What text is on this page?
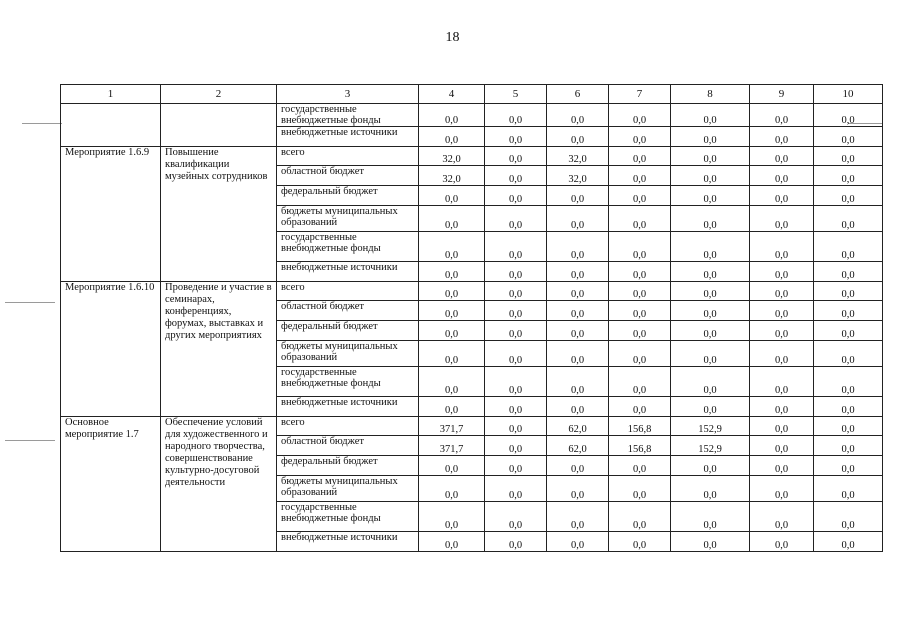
18
1	2	3	4	5	6	7	8	9	10
		государственные внебюджетные фонды	0,0	0,0	0,0	0,0	0,0	0,0	0,0
		внебюджетные источники	0,0	0,0	0,0	0,0	0,0	0,0	0,0
Мероприятие 1.6.9	Повышение квалификации музейных сотрудников	всего	32,0	0,0	32,0	0,0	0,0	0,0	0,0
		областной бюджет	32,0	0,0	32,0	0,0	0,0	0,0	0,0
		федеральный бюджет	0,0	0,0	0,0	0,0	0,0	0,0	0,0
		бюджеты муниципальных образований	0,0	0,0	0,0	0,0	0,0	0,0	0,0
		государственные внебюджетные фонды	0,0	0,0	0,0	0,0	0,0	0,0	0,0
		внебюджетные источники	0,0	0,0	0,0	0,0	0,0	0,0	0,0
Мероприятие 1.6.10	Проведение и участие в семинарах, конференциях, форумах, выставках и других мероприятиях	всего	0,0	0,0	0,0	0,0	0,0	0,0	0,0
		областной бюджет	0,0	0,0	0,0	0,0	0,0	0,0	0,0
		федеральный бюджет	0,0	0,0	0,0	0,0	0,0	0,0	0,0
		бюджеты муниципальных образований	0,0	0,0	0,0	0,0	0,0	0,0	0,0
		государственные внебюджетные фонды	0,0	0,0	0,0	0,0	0,0	0,0	0,0
		внебюджетные источники	0,0	0,0	0,0	0,0	0,0	0,0	0,0
Основное мероприятие 1.7	Обеспечение условий для художественного и народного творчества, совершенствование культурно-досуговой деятельности	всего	371,7	0,0	62,0	156,8	152,9	0,0	0,0
		областной бюджет	371,7	0,0	62,0	156,8	152,9	0,0	0,0
		федеральный бюджет	0,0	0,0	0,0	0,0	0,0	0,0	0,0
		бюджеты муниципальных образований	0,0	0,0	0,0	0,0	0,0	0,0	0,0
		государственные внебюджетные фонды	0,0	0,0	0,0	0,0	0,0	0,0	0,0
		внебюджетные источники	0,0	0,0	0,0	0,0	0,0	0,0	0,0
